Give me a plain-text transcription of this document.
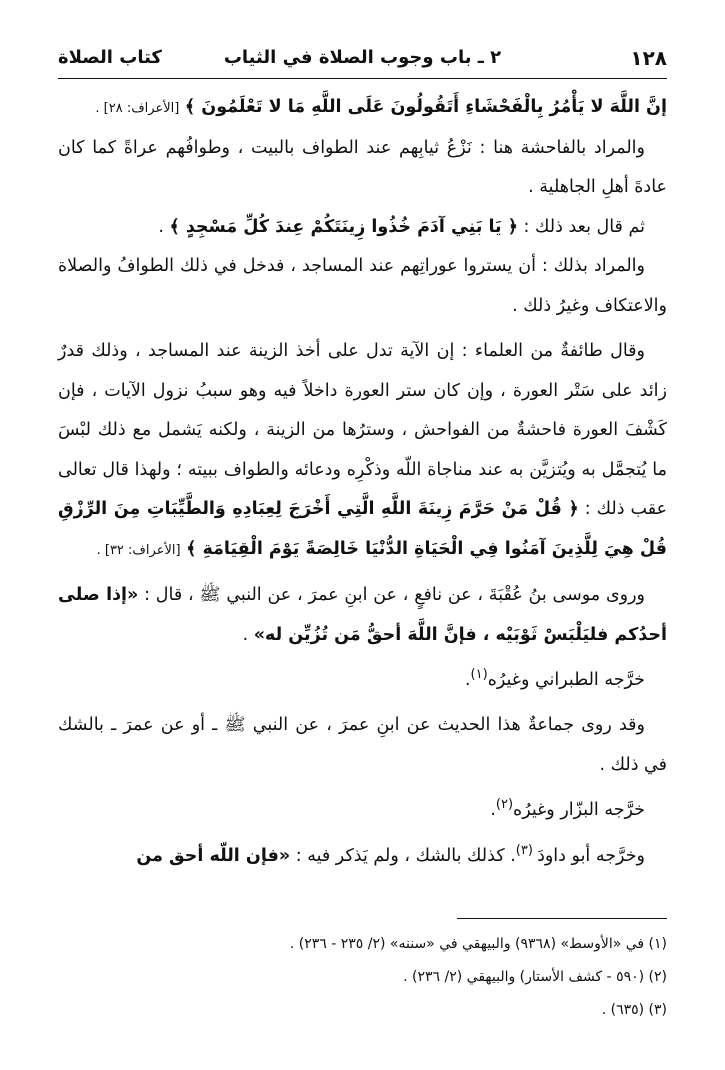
١٢٨
٢ ـ باب وجوب الصلاة في الثياب
كتاب الصلاة

إنَّ اللَّهَ لا يَأْمُرُ بِالْفَحْشَاءِ أَتَقُولُونَ عَلَى اللَّهِ مَا لا تَعْلَمُونَ ﴾ [الأعراف: ٢٨] .

والمراد بالفاحشة هنا : نَزْعُ ثيابِهم عند الطواف بالبيت ، وطوافُهم عراةً كما كان عادةَ أهلِ الجاهلية .

ثم قال بعد ذلك : ﴿ يَا بَنِي آدَمَ خُذُوا زِينَتَكُمْ عِندَ كُلِّ مَسْجِدٍ ﴾ .

والمراد بذلك : أن يستروا عوراتِهم عند المساجد ، فدخل في ذلك الطوافُ والصلاة والاعتكاف وغيرُ ذلك .

وقال طائفةٌ من العلماء : إن الآية تدل على أخذ الزينة عند المساجد ، وذلك قدرٌ زائد على سَتْر العورة ، وإن كان ستر العورة داخلاً فيه وهو سببُ نزول الآيات ، فإن كَشْفَ العورة فاحشةٌ من الفواحش ، وسترُها من الزينة ، ولكنه يَشمل مع ذلك لبْسَ ما يُتجمَّل به ويُتزيَّن به عند مناجاة اللّه وذكْرِه ودعائه والطواف ببيته ؛ ولهذا قال تعالى عقب ذلك : ﴿ قُلْ مَنْ حَرَّمَ زِينَةَ اللَّهِ الَّتِي أَخْرَجَ لِعِبَادِهِ وَالطَّيِّبَاتِ مِنَ الرِّزْقِ قُلْ هِيَ لِلَّذِينَ آمَنُوا فِي الْحَيَاةِ الدُّنْيَا خَالِصَةً يَوْمَ الْقِيَامَةِ ﴾ [الأعراف: ٣٢] .

وروى موسى بنُ عُقْبَةَ ، عن نافعٍ ، عن ابنِ عمرَ ، عن النبي ﷺ ، قال : «إذا صلى أحدُكم فليَلْبَسْ ثَوْبَيْه ، فإنَّ اللَّهَ أحقُّ مَن تُزُيِّن له» .

خرَّجه الطبراني وغيرُه$^{(١)}$.

وقد روى جماعةٌ هذا الحديث عن ابنِ عمرَ ، عن النبي ﷺ ـ أو عن عمرَ ـ بالشك في ذلك .

خرَّجه البزّار وغيرُه$^{(٢)}$.

وخرَّجه أبو داودَ $^{(٣)}$. كذلك بالشك ، ولم يَذكر فيه : «فإن اللّه أحق من

(١) في «الأوسط» (٩٣٦٨) والبيهقي في «سننه» (٢/ ٢٣٥ - ٢٣٦) .

(٢) (٥٩٠ - كشف الأستار) والبيهقي (٢/ ٢٣٦) .

(٣) (٦٣٥) .
